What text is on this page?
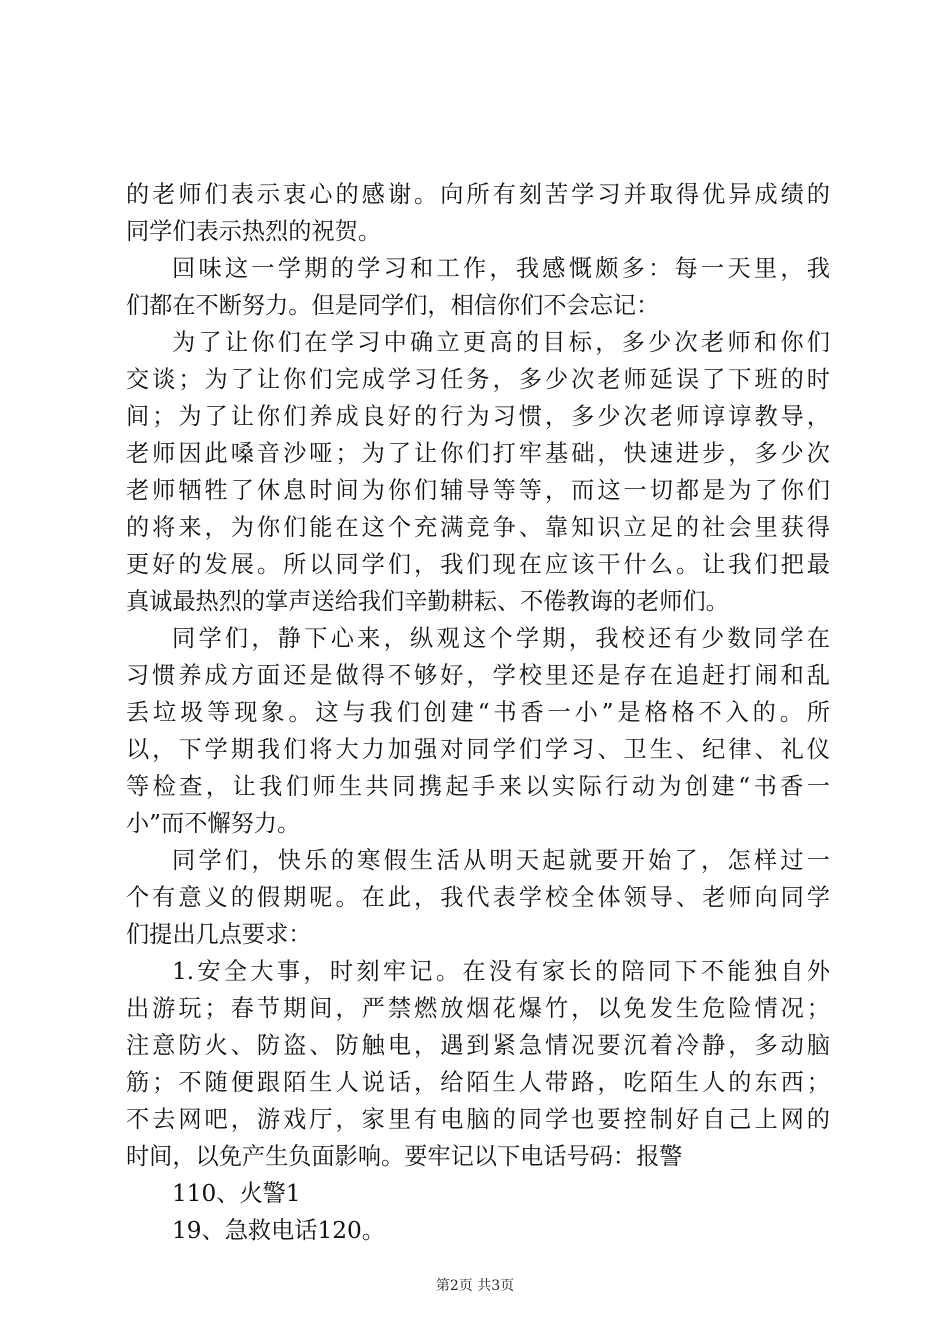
的老师们表示衷心的感谢。向所有刻苦学习并取得优异成绩的
同学们表示热烈的祝贺。
回味这一学期的学习和工作，我感慨颇多：每一天里，我
们都在不断努力。但是同学们，相信你们不会忘记：
为了让你们在学习中确立更高的目标，多少次老师和你们
交谈；为了让你们完成学习任务，多少次老师延误了下班的时
间；为了让你们养成良好的行为习惯，多少次老师谆谆教导，
老师因此嗓音沙哑；为了让你们打牢基础，快速进步，多少次
老师牺牲了休息时间为你们辅导等等，而这一切都是为了你们
的将来，为你们能在这个充满竞争、靠知识立足的社会里获得
更好的发展。所以同学们，我们现在应该干什么。让我们把最
真诚最热烈的掌声送给我们辛勤耕耘、不倦教诲的老师们。
同学们，静下心来，纵观这个学期，我校还有少数同学在
习惯养成方面还是做得不够好，学校里还是存在追赶打闹和乱
丢垃圾等现象。这与我们创建“书香一小”是格格不入的。所
以，下学期我们将大力加强对同学们学习、卫生、纪律、礼仪
等检查，让我们师生共同携起手来以实际行动为创建“书香一
小”而不懈努力。
同学们，快乐的寒假生活从明天起就要开始了，怎样过一
个有意义的假期呢。在此，我代表学校全体领导、老师向同学
们提出几点要求：
1.安全大事，时刻牢记。在没有家长的陪同下不能独自外
出游玩；春节期间，严禁燃放烟花爆竹，以免发生危险情况；
注意防火、防盗、防触电，遇到紧急情况要沉着冷静，多动脑
筋；不随便跟陌生人说话，给陌生人带路，吃陌生人的东西；
不去网吧，游戏厅，家里有电脑的同学也要控制好自己上网的
时间，以免产生负面影响。要牢记以下电话号码：报警
110、火警1
19、急救电话120。
第2页 共3页
